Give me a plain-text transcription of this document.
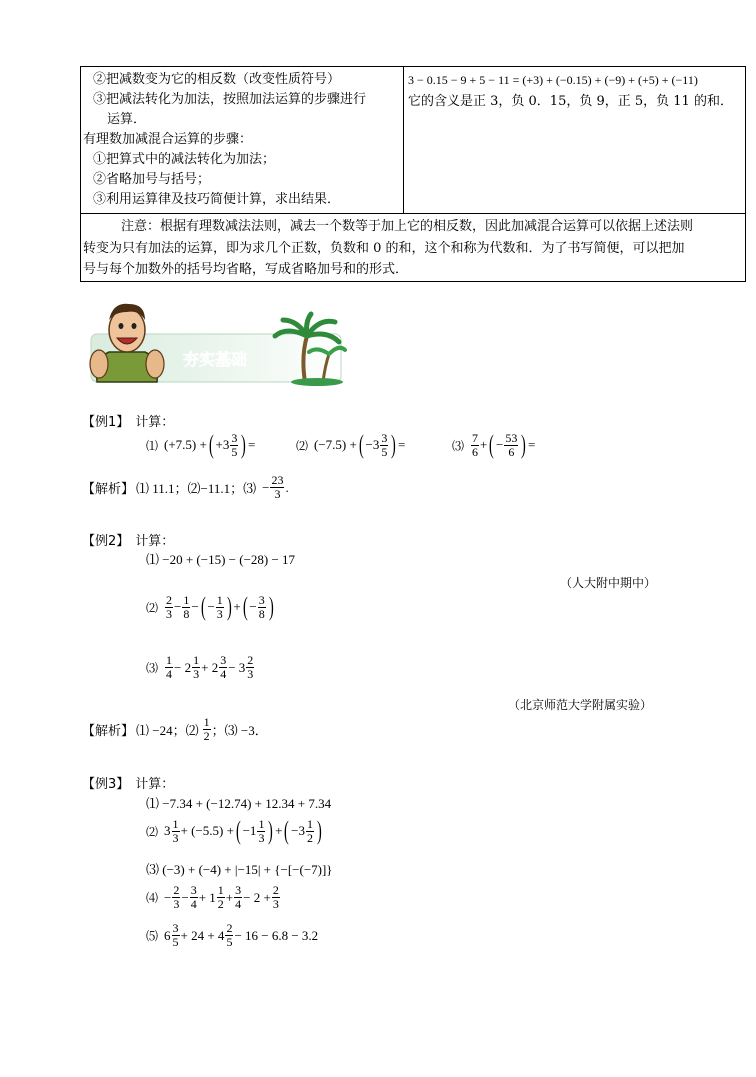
②把减数变为它的相反数（改变性质符号）
③把减法转化为加法，按照加法运算的步骤进行
运算．
有理数加减混合运算的步骤：
①把算式中的减法转化为加法；
②省略加号与括号；
③利用运算律及技巧简便计算，求出结果．
3 − 0.15 − 9 + 5 − 11 = (+3) + (−0.15) + (−9) + (+5) + (−11)
它的含义是正 3，负 0．15，负 9，正 5，负 11 的和．
注意：根据有理数减法法则，减去一个数等于加上它的相反数，因此加减混合运算可以依据上述法则
转变为只有加法的运算，即为求几个正数，负数和 0 的和，这个和称为代数和．为了书写简便，可以把加
号与每个加数外的括号均省略，写成省略加号和的形式．
夯实基础
【例1】 计算：
⑴ (+7.5) + ( +3 3
5 ) =	⑵ (−7.5) + ( −3 3
5 ) =	⑶
7
6 + ( − $\frac{53}{6}$ ) =
【解析】 ⑴ 11.1；⑵−11.1；⑶ − $\frac{23}{3}$ .
【例2】 计算：
⑴ −20 + (−15) − (−28) − 17
（人大附中期中）
⑵
2
$3 - \frac{1}{8}$ − ( − $\frac{1}{3}$ ) + ( − $\frac{3}{8}$ )
⑶
1
4 − 2 1
3 + 2 3
4 − 3 2
3
（北京师范大学附属实验）
【解析】 ⑴ −24；⑵
1
2 ；⑶ −3．
【例3】 计算：
⑴ −7.34 + (−12.74) + 12.34 + 7.34
⑵ 3 1
3 + (−5.5) + ( −1 1
3 ) + ( −3 1
2 )
⑶ (−3) + (−4) + |−15| + {−[−(−7)]}
⑷ − $\frac{2}{3} - \frac{3}{4} + 1$ 1
$2 + \frac{3}{4} - 2 + \frac{2}{3}$
⑸ 6 3
5 + 24 + 4 2
5 − 16 − 6.8 − 3.2
